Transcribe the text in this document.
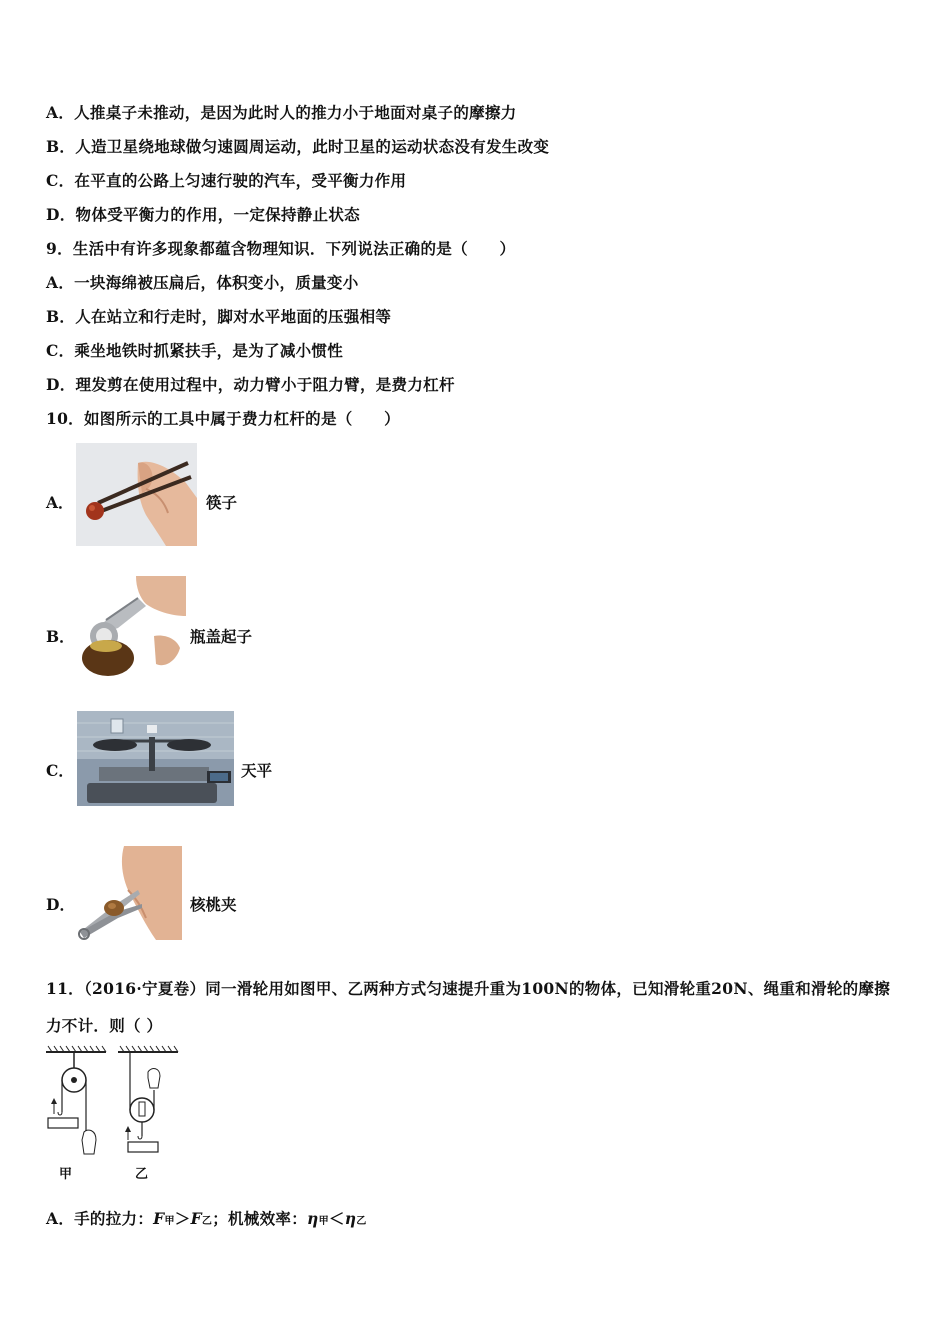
A．人推桌子未推动，是因为此时人的推力小于地面对桌子的摩擦力
B．人造卫星绕地球做匀速圆周运动，此时卫星的运动状态没有发生改变
C．在平直的公路上匀速行驶的汽车，受平衡力作用
D．物体受平衡力的作用，一定保持静止状态
9．生活中有许多现象都蕴含物理知识．下列说法正确的是（　　）
A．一块海绵被压扁后，体积变小，质量变小
B．人在站立和行走时，脚对水平地面的压强相等
C．乘坐地铁时抓紧扶手，是为了减小惯性
D．理发剪在使用过程中，动力臂小于阻力臂，是费力杠杆
10．如图所示的工具中属于费力杠杆的是（　　）
A．	筷子
B．	瓶盖起子
C．	天平
D．	核桃夹
11．（2016·宁夏卷）同一滑轮用如图甲、乙两种方式匀速提升重为100N的物体，已知滑轮重20N、绳重和滑轮的摩擦
力不计．则（ ）
甲	乙
A．手的拉力：F甲＞F乙；机械效率：η甲＜η乙
